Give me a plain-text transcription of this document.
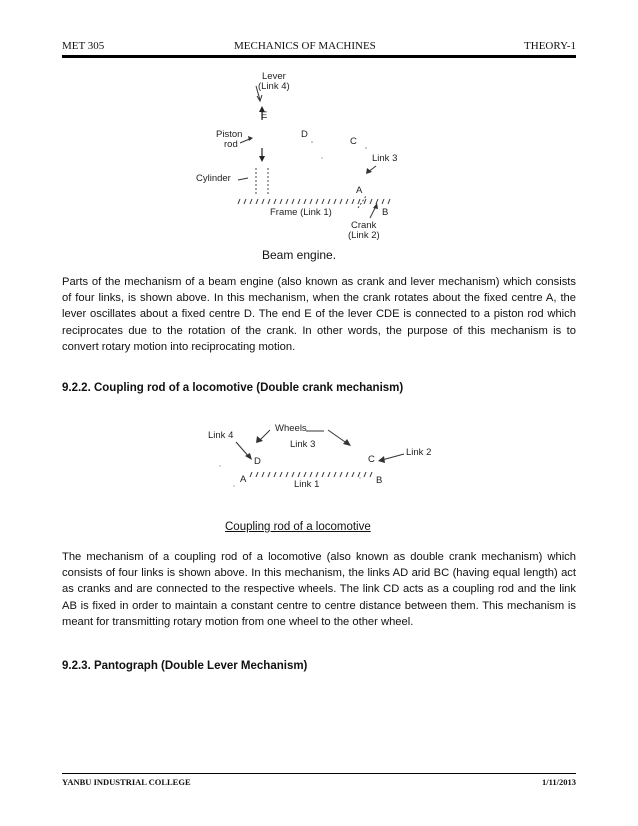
MET 305	MECHANICS OF MACHINES	THEORY-1
Lever
(Link 4)
E
Piston
rod
D
C
Link 3
Cylinder
A
Frame (Link 1)	B
Crank
(Link 2)
Beam engine.

Parts of the mechanism of a beam engine (also known as crank and lever mechanism) which consists of four links, is shown above. In this mechanism, when the crank rotates about the fixed centre A, the lever oscillates about a fixed centre D. The end E of the lever CDE is connected to a piston rod which reciprocates due to the rotation of the crank. In other words, the purpose of this mechanism is to convert rotary motion into reciprocating motion.

9.2.2. Coupling rod of a locomotive (Double crank mechanism)
Link 4
Wheels
Link 3
Link 2
D	C
A	Link 1	B
Coupling rod of a locomotive

The mechanism of a coupling rod of a locomotive (also known as double crank mechanism) which consists of four links is shown above. In this mechanism, the links AD arid BC (having equal length) act as cranks and are connected to the respective wheels. The link CD acts as a coupling rod and the link AB is fixed in order to maintain a constant centre to centre distance between them. This mechanism is meant for transmitting rotary motion from one wheel to the other wheel.

9.2.3. Pantograph (Double Lever Mechanism)
YANBU INDUSTRIAL COLLEGE	1/11/2013
